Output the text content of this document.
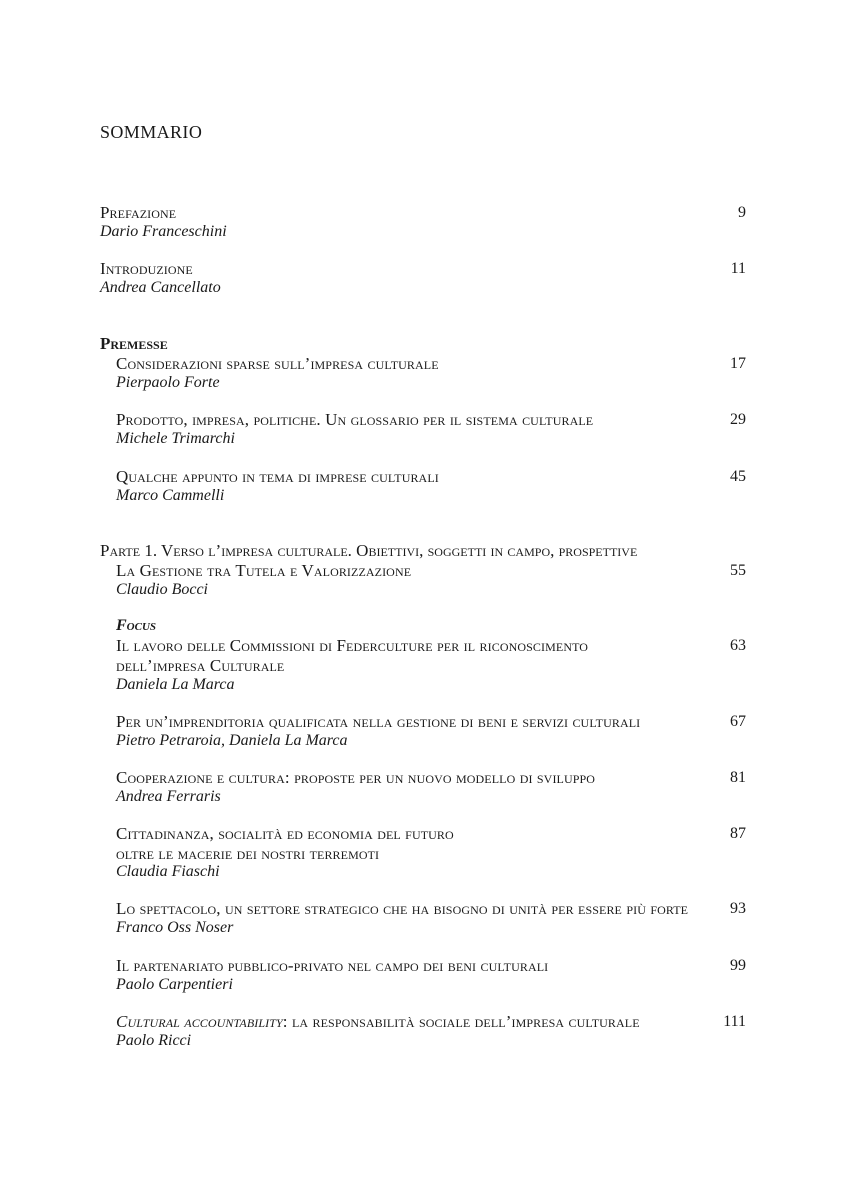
SOMMARIO
Prefazione	9
Dario Franceschini
Introduzione	11
Andrea Cancellato
Premesse
Considerazioni sparse sull’impresa culturale	17
Pierpaolo Forte
Prodotto, impresa, politiche. Un glossario per il sistema culturale	29
Michele Trimarchi
Qualche appunto in tema di imprese culturali	45
Marco Cammelli
Parte 1. Verso l’impresa culturale. Obiettivi, soggetti in campo, prospettive
La Gestione tra Tutela e Valorizzazione	55
Claudio Bocci
Focus
Il lavoro delle Commissioni di Federculture per il riconoscimento	63
dell’impresa Culturale
Daniela La Marca
Per un’imprenditoria qualificata nella gestione di beni e servizi culturali	67
Pietro Petraroia, Daniela La Marca
Cooperazione e cultura: proposte per un nuovo modello di sviluppo	81
Andrea Ferraris
Cittadinanza, socialità ed economia del futuro	87
oltre le macerie dei nostri terremoti
Claudia Fiaschi
Lo spettacolo, un settore strategico che ha bisogno di unità per essere più forte	93
Franco Oss Noser
Il partenariato pubblico-privato nel campo dei beni culturali	99
Paolo Carpentieri
Cultural accountability: la responsabilità sociale dell’impresa culturale	111
Paolo Ricci
